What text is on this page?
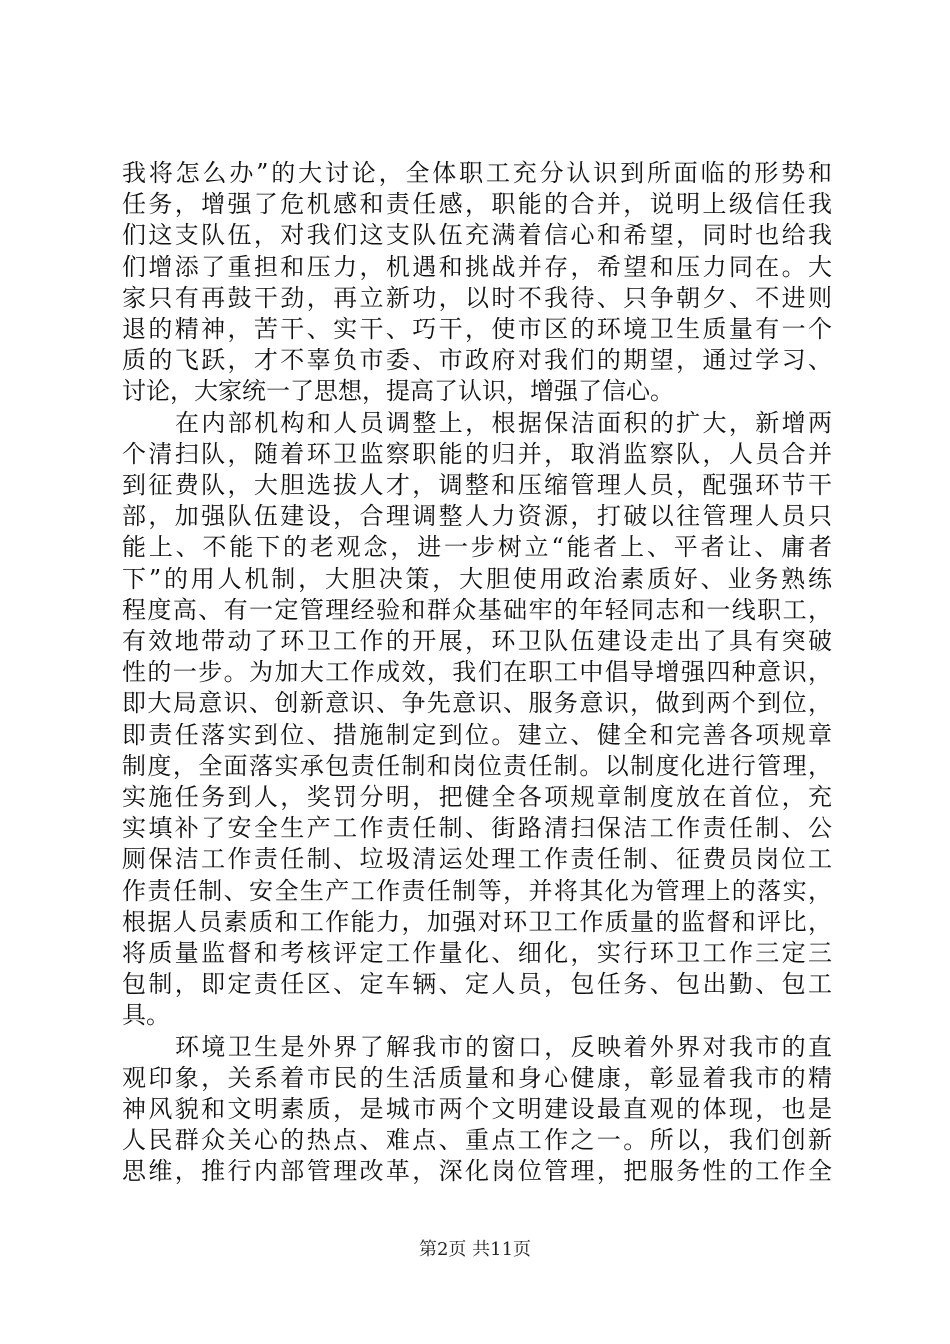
我将怎么办”的大讨论，全体职工充分认识到所面临的形势和
任务，增强了危机感和责任感，职能的合并，说明上级信任我
们这支队伍，对我们这支队伍充满着信心和希望，同时也给我
们增添了重担和压力，机遇和挑战并存，希望和压力同在。大
家只有再鼓干劲，再立新功，以时不我待、只争朝夕、不进则
退的精神，苦干、实干、巧干，使市区的环境卫生质量有一个
质的飞跃，才不辜负市委、市政府对我们的期望，通过学习、
讨论，大家统一了思想，提高了认识，增强了信心。
在内部机构和人员调整上，根据保洁面积的扩大，新增两
个清扫队，随着环卫监察职能的归并，取消监察队，人员合并
到征费队，大胆选拔人才，调整和压缩管理人员，配强环节干
部，加强队伍建设，合理调整人力资源，打破以往管理人员只
能上、不能下的老观念，进一步树立“能者上、平者让、庸者
下”的用人机制，大胆决策，大胆使用政治素质好、业务熟练
程度高、有一定管理经验和群众基础牢的年轻同志和一线职工，
有效地带动了环卫工作的开展，环卫队伍建设走出了具有突破
性的一步。为加大工作成效，我们在职工中倡导增强四种意识，
即大局意识、创新意识、争先意识、服务意识，做到两个到位，
即责任落实到位、措施制定到位。建立、健全和完善各项规章
制度，全面落实承包责任制和岗位责任制。以制度化进行管理，
实施任务到人，奖罚分明，把健全各项规章制度放在首位，充
实填补了安全生产工作责任制、街路清扫保洁工作责任制、公
厕保洁工作责任制、垃圾清运处理工作责任制、征费员岗位工
作责任制、安全生产工作责任制等，并将其化为管理上的落实，
根据人员素质和工作能力，加强对环卫工作质量的监督和评比，
将质量监督和考核评定工作量化、细化，实行环卫工作三定三
包制，即定责任区、定车辆、定人员，包任务、包出勤、包工
具。
环境卫生是外界了解我市的窗口，反映着外界对我市的直
观印象，关系着市民的生活质量和身心健康，彰显着我市的精
神风貌和文明素质，是城市两个文明建设最直观的体现，也是
人民群众关心的热点、难点、重点工作之一。所以，我们创新
思维，推行内部管理改革，深化岗位管理，把服务性的工作全
第2页 共11页
